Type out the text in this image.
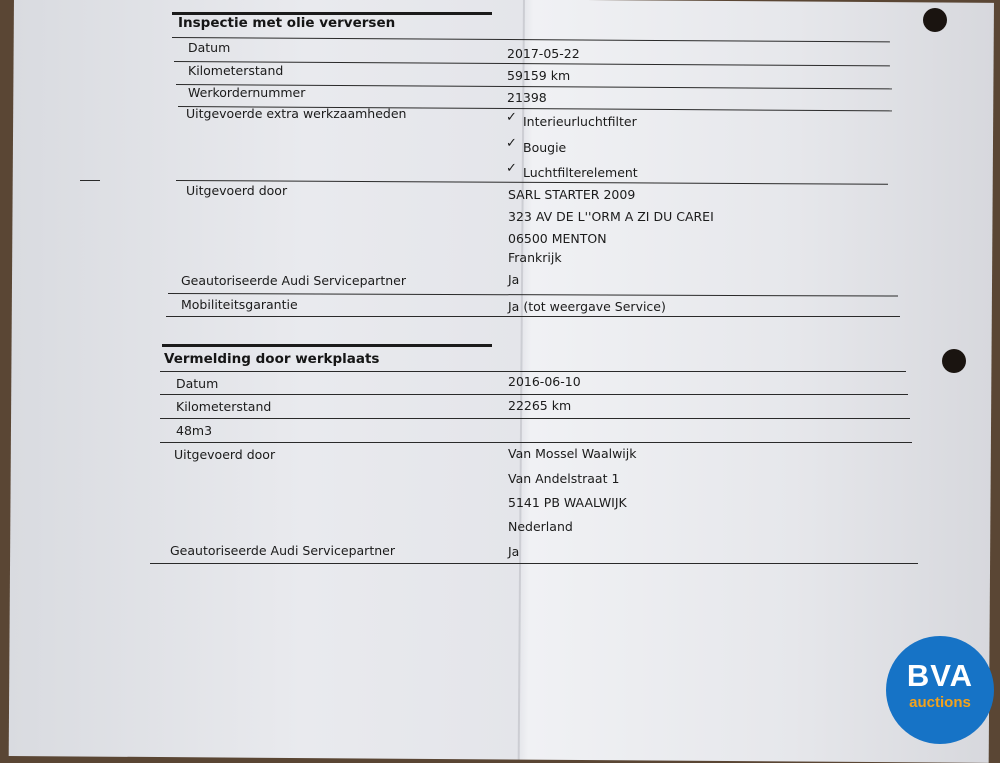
Inspectie met olie verversen
Datum	2017-05-22
Kilometerstand	59159 km
Werkordernummer	21398
Uitgevoerde extra werkzaamheden	✓ Interieurluchtfilter
✓ Bougie
✓ Luchtfilterelement
Uitgevoerd door	SARL STARTER 2009
323 AV DE L''ORM A ZI DU CAREI
06500 MENTON
Frankrijk
Geautoriseerde Audi Servicepartner	Ja
Mobiliteitsgarantie	Ja (tot weergave Service)
Vermelding door werkplaats
Datum	2016-06-10
Kilometerstand	22265 km
48m3
Uitgevoerd door	Van Mossel Waalwijk
Van Andelstraat 1
5141 PB WAALWIJK
Nederland
Geautoriseerde Audi Servicepartner	Ja
BVA
auctions
